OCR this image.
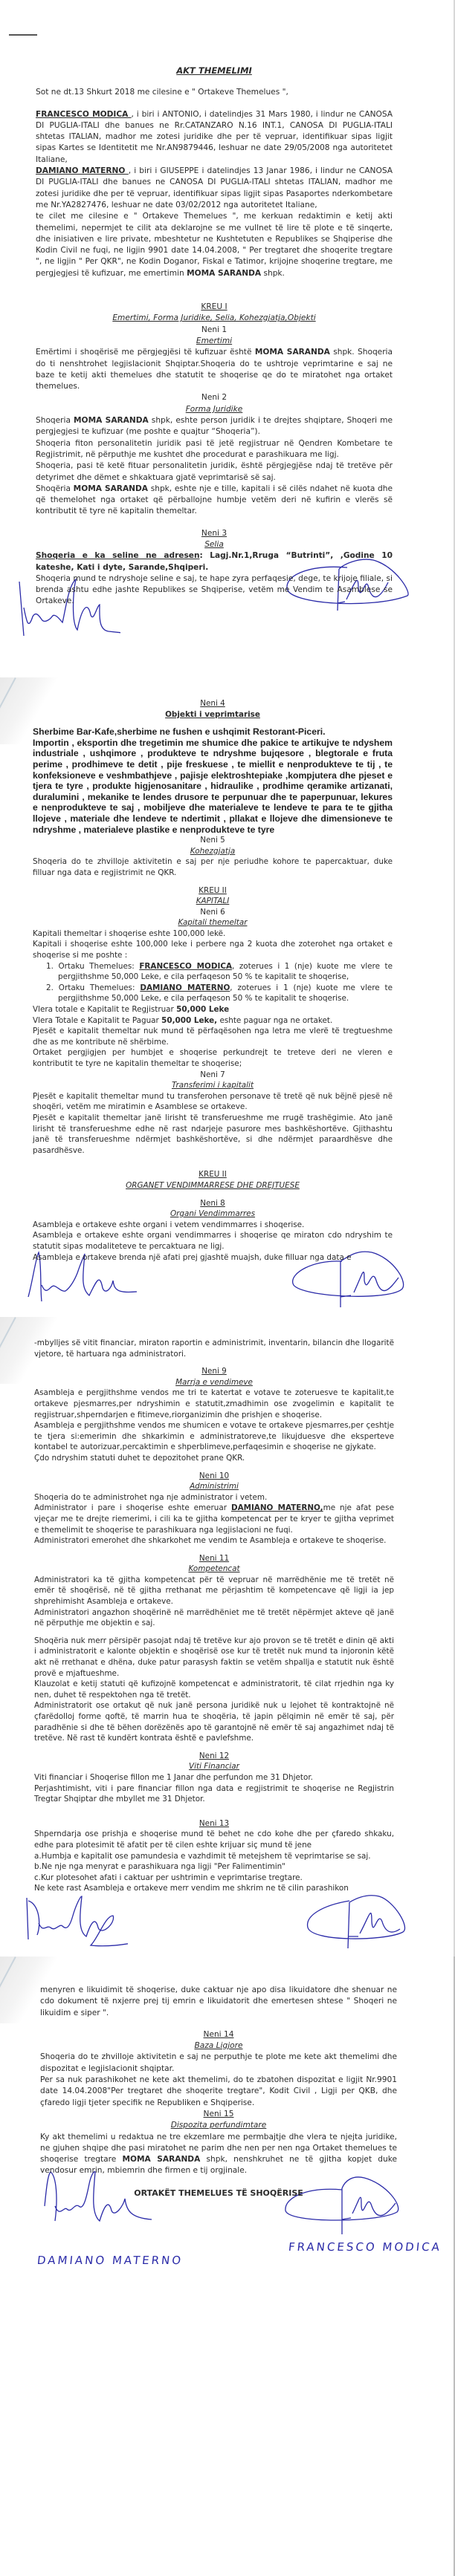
AKT THEMELIMI

Sot ne dt.13 Shkurt 2018 me cilesine e " Ortakeve Themelues ",

FRANCESCO MODICA , i biri i ANTONIO, i datelindjes 31 Mars 1980, i lindur ne CANOSA DI PUGLIA-ITALI dhe banues ne Rr.CATANZARO N.16 INT.1, CANOSA DI PUGLIA-ITALI shtetas ITALIAN, madhor me zotesi juridike dhe per të vepruar, identifikuar sipas ligjit sipas Kartes se Identitetit me Nr.AN9879446, leshuar ne date 29/05/2008 nga autoritetet Italiane,

DAMIANO MATERNO , i biri i GIUSEPPE i datelindjes 13 Janar 1986, i lindur ne CANOSA DI PUGLIA-ITALI dhe banues ne CANOSA DI PUGLIA-ITALI shtetas ITALIAN, madhor me zotesi juridike dhe per të vepruar, identifikuar sipas ligjit sipas Pasaportes nderkombetare me Nr.YA2827476, leshuar ne date 03/02/2012 nga autoritetet Italiane,

te cilet me cilesine e " Ortakeve Themelues ", me kerkuan redaktimin e ketij akti themelimi, nepermjet te cilit ata deklarojne se me vullnet të lire të plote e të sinqerte, dhe inisiativen e lire private, mbeshtetur ne Kushtetuten e Republikes se Shqiperise dhe Kodin Civil ne fuqi, ne ligjin 9901 date 14.04.2008, " Per tregtaret dhe shoqerite tregtare ", ne ligjin " Per QKR", ne Kodin Doganor, Fiskal e Tatimor, krijojne shoqerine tregtare, me pergjegjesi të kufizuar, me emertimin MOMA SARANDA shpk.

KREU I
Emertimi, Forma Juridike, Selia, Kohezgjatja,Objekti
Neni 1
Emertimi

Emërtimi i shoqërisë me përgjegjësi të kufizuar është MOMA SARANDA shpk. Shoqeria do ti nenshtrohet legjislacionit Shqiptar.Shoqeria do te ushtroje veprimtarine e saj ne baze te ketij akti themelues dhe statutit te shoqerise qe do te miratohet nga ortaket themelues.

Neni 2
Forma Juridike

Shoqeria MOMA SARANDA shpk, eshte person juridik i te drejtes shqiptare, Shoqeri me pergjegjesi te kufizuar (me poshte e quajtur “Shoqeria”).

Shoqeria fiton personalitetin juridik pasi të jetë regjistruar në Qendren Kombetare te Regjistrimit, në përputhje me kushtet dhe procedurat e parashikuara me ligj.

Shoqeria, pasi të ketë fituar personalitetin juridik, është përgjegjëse ndaj të tretëve për detyrimet dhe dëmet e shkaktuara gjatë veprimtarisë së saj.

Shoqëria MOMA SARANDA shpk, eshte nje e tille, kapitali i së cilës ndahet në kuota dhe që themelohet nga ortaket që përballojne humbje vetëm deri në kufirin e vlerës së kontributit të tyre në kapitalin themeltar.

Neni 3
Selia

Shoqeria e ka seline ne adresen: Lagj.Nr.1,Rruga “Butrinti”, ,Godine 10 kateshe, Kati i dyte, Sarande,Shqiperi.

Shoqeria mund te ndryshoje seline e saj, te hape zyra perfaqesie, dege, te krijoje filiale, si brenda ashtu edhe jashte Republikes se Shqiperise, vetëm me Vendim te Asamblese se Ortakeve.

Neni 4
Objekti i veprimtarise

Sherbime Bar-Kafe,sherbime ne fushen e ushqimit Restorant-Piceri.

Importin , eksportin dhe tregetimin me shumice dhe pakice te artikujve te ndyshem industriale , ushqimore , produkteve te ndryshme bujqesore , blegtorale e fruta perime , prodhimeve te detit , pije freskuese , te miellit e nenprodukteve te tij , te konfeksioneve e veshmbathjeve , pajisje elektroshtepiake ,kompjutera dhe pjeset e tjera te tyre , produkte higjenosanitare , hidraulike , prodhime qeramike artizanati, duralumini , mekanike te lendes drusore te perpunuar dhe te paperpunuar, lekures e nenprodukteve te saj , mobiljeve dhe materialeve te lendeve te para te te gjitha llojeve , materiale dhe lendeve te ndertimit , pllakat e llojeve dhe dimensioneve te ndryshme , materialeve plastike e nenprodukteve te tyre

Neni 5
Kohezgjatja

Shoqeria do te zhvilloje aktivitetin e saj per nje periudhe kohore te papercaktuar, duke filluar nga data e regjistrimit ne QKR.

KREU II
KAPITALI
Neni 6
Kapitali themeltar

Kapitali themeltar i shoqerise eshte 100,000 lekë.

Kapitali i shoqerise eshte 100,000 leke i perbere nga 2 kuota dhe zoterohet nga ortaket e shoqerise si me poshte :

1. Ortaku Themelues: FRANCESCO MODICA, zoterues i 1 (nje) kuote me vlere te pergjithshme 50,000 Leke, e cila perfaqeson 50 % te kapitalit te shoqerise,

2. Ortaku Themelues: DAMIANO MATERNO, zoterues i 1 (nje) kuote me vlere te pergjithshme 50,000 Leke, e cila perfaqeson 50 % te kapitalit te shoqerise.

Vlera totale e Kapitalit te Regjistruar 50,000 Leke

Vlera Totale e Kapitalit te Paguar 50,000 Leke, eshte paguar nga ne ortaket.

Pjesët e kapitalit themeltar nuk mund të përfaqësohen nga letra me vlerë të tregtueshme dhe as me kontribute në shërbime.

Ortaket pergjigjen per humbjet e shoqerise perkundrejt te treteve deri ne vleren e kontributit te tyre ne kapitalin themeltar te shoqerise;

Neni 7
Transferimi i kapitalit

Pjesët e kapitalit themeltar mund tu transferohen personave të tretë që nuk bëjnë pjesë në shoqëri, vetëm me miratimin e Asamblese se ortakeve.

Pjesët e kapitalit themeltar janë lirisht të transferueshme me rrugë trashëgimie. Ato janë lirisht të transferueshme edhe në rast ndarjeje pasurore mes bashkëshortëve. Gjithashtu janë të transferueshme ndërmjet bashkëshortëve, si dhe ndërmjet paraardhësve dhe pasardhësve.

KREU II
ORGANET VENDIMMARRESE DHE DREJTUESE
Neni 8
Organi Vendimmarres

Asambleja e ortakeve eshte organi i vetem vendimmarres i shoqerise.

Asambleja e ortakeve eshte organi vendimmarres i shoqerise qe miraton cdo ndryshim te statutit sipas modaliteteve te percaktuara ne ligj.

Asambleja e ortakeve brenda një afati prej gjashtë muajsh, duke filluar nga data e

-mbylljes së vitit financiar, miraton raportin e administrimit, inventarin, bilancin dhe llogaritë vjetore, të hartuara nga administratori.

Neni 9
Marrja e vendimeve

Asambleja e pergjithshme vendos me tri te katertat e votave te zoteruesve te kapitalit,te ortakeve pjesmarres,per ndryshimin e statutit,zmadhimin ose zvogelimin e kapitalit te regjistruar,shperndarjen e fitimeve,riorganizimin dhe prishjen e shoqerise.

Asambleja e pergjithshme vendos me shumicen e votave te ortakeve pjesmarres,per çeshtje te tjera si:emerimin dhe shkarkimin e administratoreve,te likujduesve dhe eksperteve kontabel te autorizuar,percaktimin e shperblimeve,perfaqesimin e shoqerise ne gjykate.

Çdo ndryshim statuti duhet te depozitohet prane QKR.

Neni 10
Administrimi

Shoqeria do te administrohet nga nje administrator i vetem.

Administrator i pare i shoqerise eshte emeruar DAMIANO MATERNO,me nje afat pese vjeçar me te drejte riemerimi, i cili ka te gjitha kompetencat per te kryer te gjitha veprimet e themelimit te shoqerise te parashikuara nga legjislacioni ne fuqi.

Administratori emerohet dhe shkarkohet me vendim te Asambleja e ortakeve te shoqerise.

Neni 11
Kompetencat

Administratori ka të gjitha kompetencat për të vepruar në marrëdhënie me të tretët në emër të shoqërisë, në të gjitha rrethanat me përjashtim të kompetencave që ligji ia jep shprehimisht Asambleja e ortakeve.

Administratori angazhon shoqërinë në marrëdhëniet me të tretët nëpërmjet akteve që janë në përputhje me objektin e saj.

Shoqëria nuk merr përsipër pasojat ndaj të tretëve kur ajo provon se të tretët e dinin që akti i administratorit e kalonte objektin e shoqërisë ose kur të tretët nuk mund ta injoronin këtë akt në rrethanat e dhëna, duke patur parasysh faktin se vetëm shpallja e statutit nuk është provë e mjaftueshme.

Klauzolat e ketij statuti që kufizojnë kompetencat e administratorit, të cilat rrjedhin nga ky nen, duhet të respektohen nga të tretët.

Administratorit ose ortakut që nuk janë persona juridikë nuk u lejohet të kontraktojnë në çfarëdolloj forme qoftë, të marrin hua te shoqëria, të japin pëlqimin në emër të saj, për paradhënie si dhe të bëhen dorëzënës apo të garantojnë në emër të saj angazhimet ndaj të tretëve. Në rast të kundërt kontrata është e pavlefshme.

Neni 12
Viti Financiar

Viti financiar i Shoqerise fillon me 1 Janar dhe perfundon me 31 Dhjetor.

Perjashtimisht, viti i pare financiar fillon nga data e regjistrimit te shoqerise ne Regjistrin Tregtar Shqiptar dhe mbyllet me 31 Dhjetor.

Neni 13

Shperndarja ose prishja e shoqerise mund të behet ne cdo kohe dhe per çfaredo shkaku, edhe para plotesimit të afatit per të cilen eshte krijuar siç mund të jene

a.Humbja e kapitalit ose pamundesia e vazhdimit të metejshem të veprimtarise se saj.

b.Ne nje nga menyrat e parashikuara nga ligji "Per Falimentimin"

c.Kur plotesohet afati i caktuar per ushtrimin e veprimtarise tregtare.

Ne kete rast Asambleja e ortakeve merr vendim me shkrim ne të cilin parashikon

menyren e likuidimit të shoqerise, duke caktuar nje apo disa likuidatore dhe shenuar ne cdo dokument të nxjerre prej tij emrin e likuidatorit dhe emertesen shtese " Shoqeri ne likuidim e siper ".

Neni 14
Baza Ligjore

Shoqeria do te zhvilloje aktivitetin e saj ne perputhje te plote me kete akt themelimi dhe dispozitat e legjislacionit shqiptar.

Per sa nuk parashikohet ne kete akt themelimi, do te zbatohen dispozitat e ligjit Nr.9901 date 14.04.2008"Per tregtaret dhe shoqerite tregtare", Kodit Civil , Ligji per QKB, dhe çfaredo ligji tjeter specifik ne Republiken e Shqiperise.

Neni 15
Dispozita perfundimtare

Ky akt themelimi u redaktua ne tre ekzemlare me permbajtje dhe vlera te njejta juridike, ne gjuhen shqipe dhe pasi miratohet ne parim dhe nen per nen nga Ortaket themelues te shoqerise tregtare MOMA SARANDA shpk, nenshkruhet ne të gjitha kopjet duke vendosur emrin, mbiemrin dhe firmen e tij orgjinale.

ORTAKËT THEMELUES TË SHOQËRISE
FRANCESCO MODICA
DAMIANO MATERNO
